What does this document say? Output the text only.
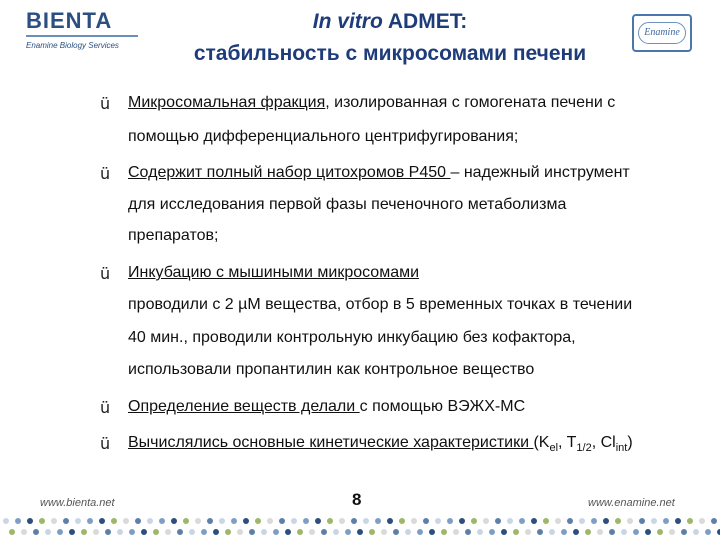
BIENTA
Enamine Biology Services
Enamine
In vitro ADMET:
стабильность с микросомами печени
ü Микросомальная фракция, изолированная с гомогената печени с
помощью дифференциального центрифугирования;
ü Содержит полный набор цитохромов Р450 – надежный инструмент
для исследования первой фазы печеночного метаболизма
препаратов;
ü Инкубацию с мышиными микросомами
проводили с 2 µМ вещества, отбор в 5 временных точках в течении
40 мин., проводили контрольную инкубацию без кофактора,
использовали пропантилин как контрольное вещество
ü Определение веществ делали с помощью ВЭЖХ-МС
ü Вычислялись основные кинетические характеристики ($K_{el}$, $T_{1/2}$, $Cl_{int}$)
8
www.bienta.net	www.enamine.net
